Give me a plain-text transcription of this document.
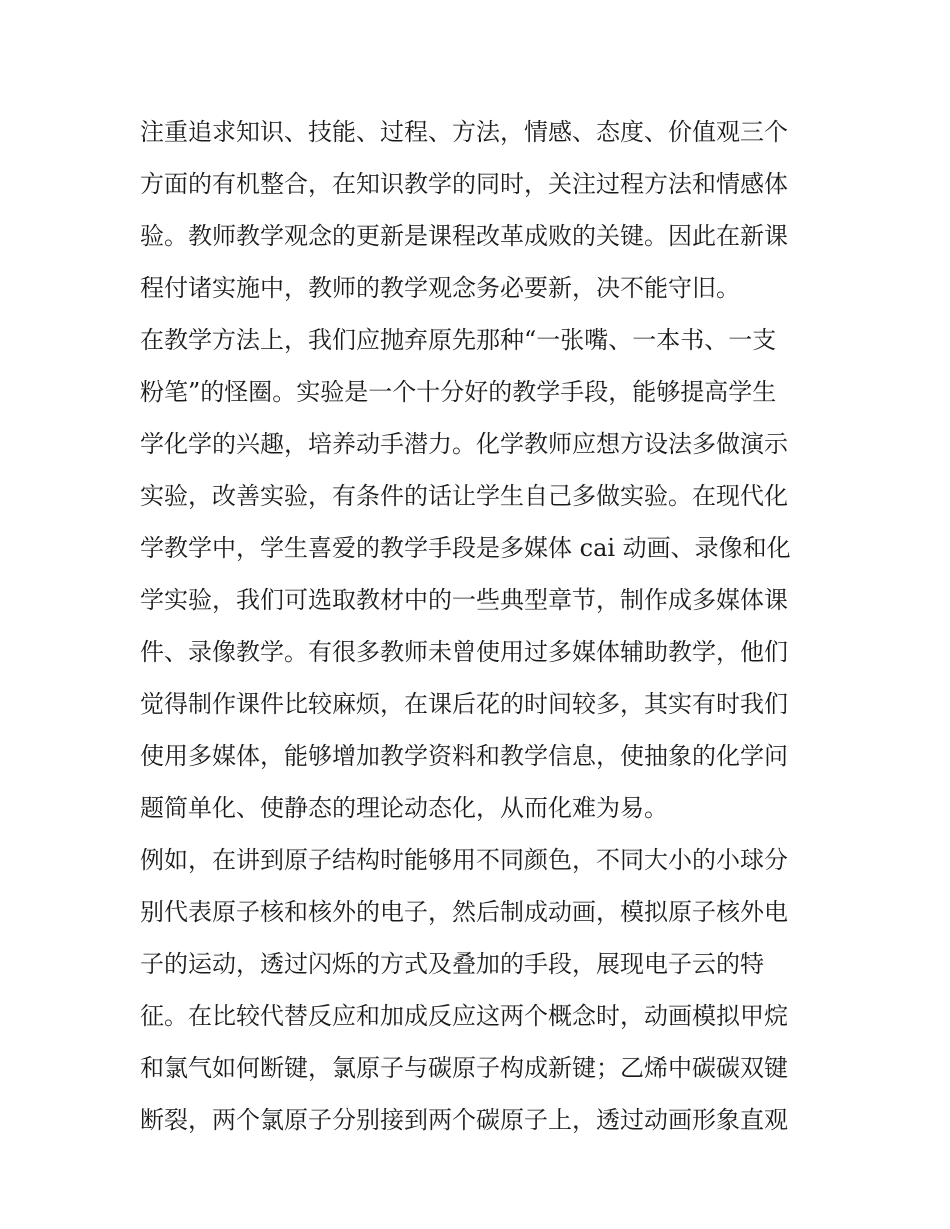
注重追求知识、技能、过程、方法，情感、态度、价值观三个
方面的有机整合，在知识教学的同时，关注过程方法和情感体
验。教师教学观念的更新是课程改革成败的关键。因此在新课
程付诸实施中，教师的教学观念务必要新，决不能守旧。
在教学方法上，我们应抛弃原先那种“一张嘴、一本书、一支
粉笔”的怪圈。实验是一个十分好的教学手段，能够提高学生
学化学的兴趣，培养动手潜力。化学教师应想方设法多做演示
实验，改善实验，有条件的话让学生自己多做实验。在现代化
学教学中，学生喜爱的教学手段是多媒体 cai 动画、录像和化
学实验，我们可选取教材中的一些典型章节，制作成多媒体课
件、录像教学。有很多教师未曾使用过多媒体辅助教学，他们
觉得制作课件比较麻烦，在课后花的时间较多，其实有时我们
使用多媒体，能够增加教学资料和教学信息，使抽象的化学问
题简单化、使静态的理论动态化，从而化难为易。
例如，在讲到原子结构时能够用不同颜色，不同大小的小球分
别代表原子核和核外的电子，然后制成动画，模拟原子核外电
子的运动，透过闪烁的方式及叠加的手段，展现电子云的特
征。在比较代替反应和加成反应这两个概念时，动画模拟甲烷
和氯气如何断键，氯原子与碳原子构成新键；乙烯中碳碳双键
断裂，两个氯原子分别接到两个碳原子上，透过动画形象直观
